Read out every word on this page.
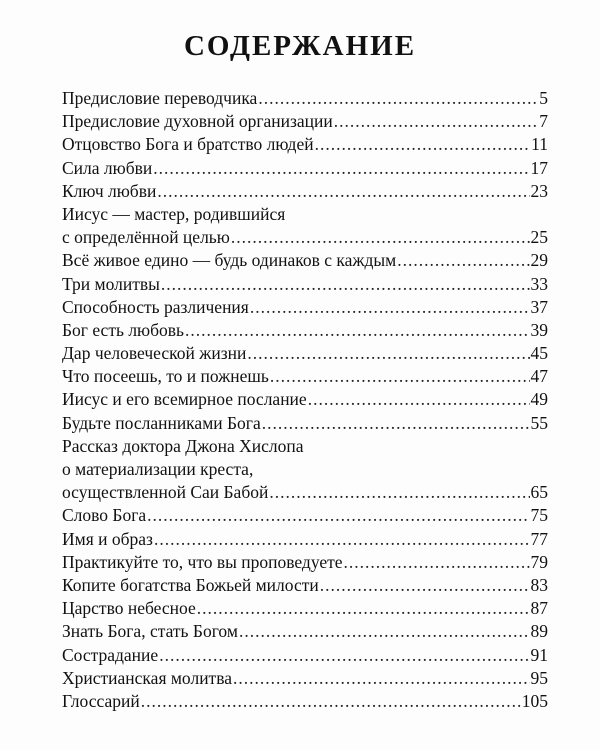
СОДЕРЖАНИЕ
Предисловие переводчика .....	5
Предисловие духовной организации .....	7
Отцовство Бога и братство людей .....	11
Сила любви .....	17
Ключ любви .....	23
Иисус — мастер, родившийся
с определённой целью .....	25
Всё живое едино — будь одинаков с каждым .....	29
Три молитвы .....	33
Способность различения .....	37
Бог есть любовь .....	39
Дар человеческой жизни .....	45
Что посеешь, то и пожнешь .....	47
Иисус и его всемирное послание .....	49
Будьте посланниками Бога .....	55
Рассказ доктора Джона Хислопа
о материализации креста,
осуществленной Саи Бабой .....	65
Слово Бога .....	75
Имя и образ .....	77
Практикуйте то, что вы проповедуете .....	79
Копите богатства Божьей милости .....	83
Царство небесное .....	87
Знать Бога, стать Богом .....	89
Сострадание .....	91
Христианская молитва .....	95
Глоссарий .....	105
